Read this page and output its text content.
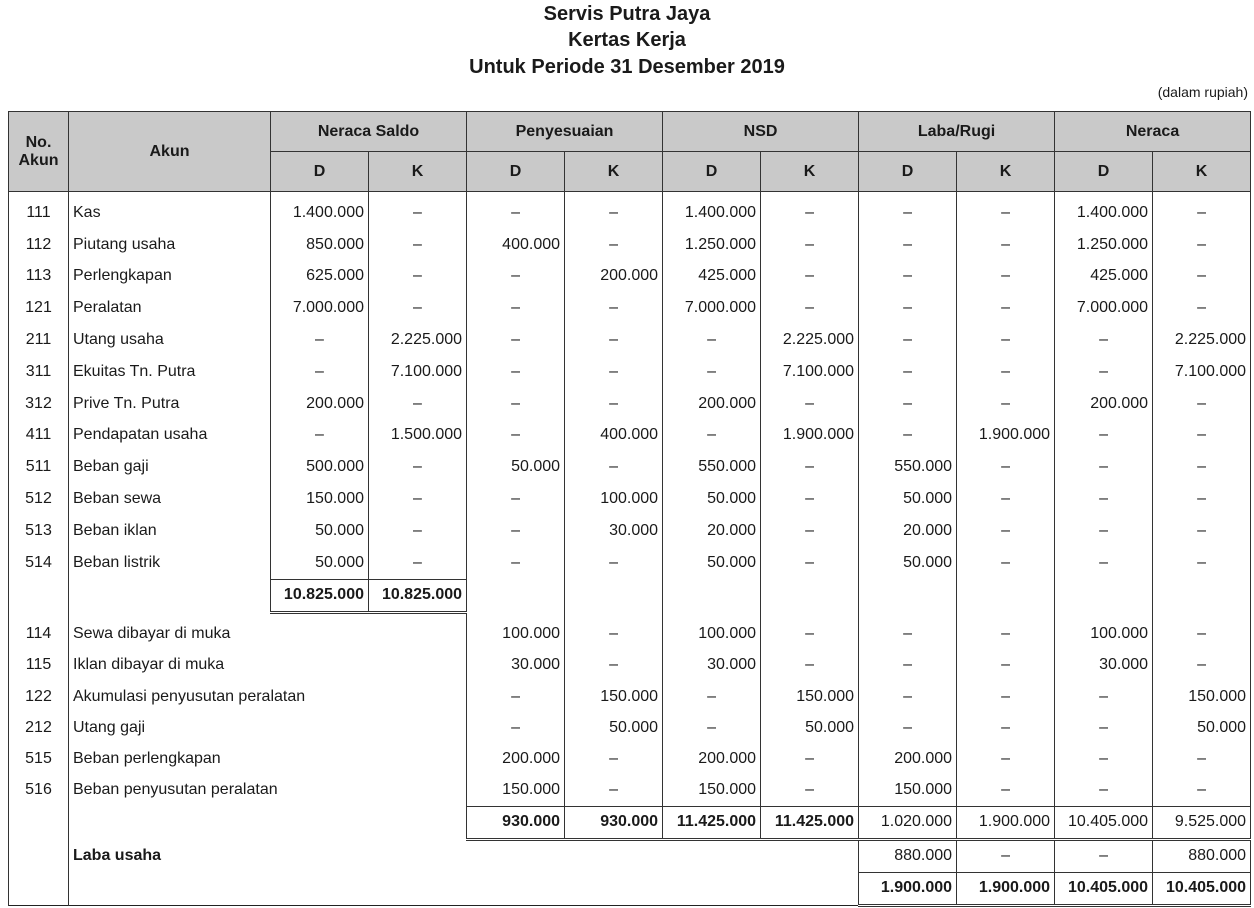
Servis Putra Jaya
Kertas Kerja
Untuk Periode 31 Desember 2019
(dalam rupiah)
No. Akun	Akun	Neraca Saldo		Penyesuaian		NSD		Laba/Rugi		Neraca	
		D	K	D	K	D	K	D	K	D	K

111	Kas	1.400.000	–	–	–	1.400.000	–	–	–	1.400.000	–
112	Piutang usaha	850.000	–	400.000	–	1.250.000	–	–	–	1.250.000	–
113	Perlengkapan	625.000	–	–	200.000	425.000	–	–	–	425.000	–
121	Peralatan	7.000.000	–	–	–	7.000.000	–	–	–	7.000.000	–
211	Utang usaha	–	2.225.000	–	–	–	2.225.000	–	–	–	2.225.000
311	Ekuitas Tn. Putra	–	7.100.000	–	–	–	7.100.000	–	–	–	7.100.000
312	Prive Tn. Putra	200.000	–	–	–	200.000	–	–	–	200.000	–
411	Pendapatan usaha	–	1.500.000	–	400.000	–	1.900.000	–	1.900.000	–	–
511	Beban gaji	500.000	–	50.000	–	550.000	–	550.000	–	–	–
512	Beban sewa	150.000	–	–	100.000	50.000	–	50.000	–	–	–
513	Beban iklan	50.000	–	–	30.000	20.000	–	20.000	–	–	–
514	Beban listrik	50.000	–	–	–	50.000	–	50.000	–	–	–
		10.825.000	10.825.000								

114	Sewa dibayar di muka			100.000	–	100.000	–	–	–	100.000	–
115	Iklan dibayar di muka			30.000	–	30.000	–	–	–	30.000	–
122	Akumulasi penyusutan peralatan			–	150.000	–	150.000	–	–	–	150.000
212	Utang gaji			–	50.000	–	50.000	–	–	–	50.000
515	Beban perlengkapan			200.000	–	200.000	–	200.000	–	–	–
516	Beban penyusutan peralatan			150.000	–	150.000	–	150.000	–	–	–
				930.000	930.000	11.425.000	11.425.000	1.020.000	1.900.000	10.405.000	9.525.000
	Laba usaha							880.000	–	–	880.000
								1.900.000	1.900.000	10.405.000	10.405.000
